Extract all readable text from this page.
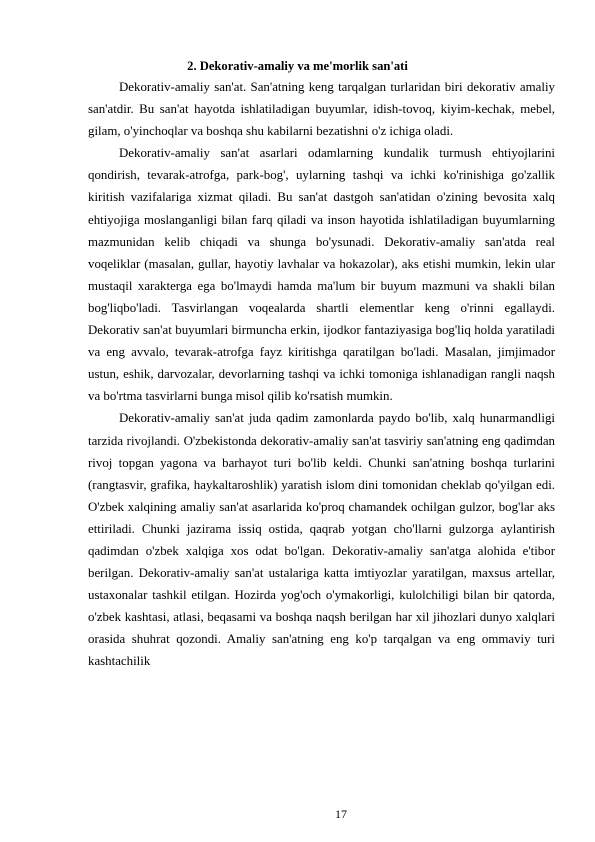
2. Dekorativ-amaliy va me'morlik san'ati

Dekorativ-amaliy san'at. San'atning keng tarqalgan turlaridan biri dekorativ amaliy san'atdir. Bu san'at hayotda ishlatiladigan buyumlar, idish-tovoq, kiyim-kechak, mebel, gilam, o'yinchoqlar va boshqa shu kabilarni bezatishni o'z ichiga oladi.

Dekorativ-amaliy san'at asarlari odamlarning kundalik turmush ehtiyojlarini qondirish, tevarak-atrofga, park-bog', uylarning tashqi va ichki ko'rinishiga go'zallik kiritish vazifalariga xizmat qiladi. Bu san'at dastgoh san'atidan o'zining bevosita xalq ehtiyojiga moslanganligi bilan farq qiladi va inson hayotida ishlatiladigan buyumlarning mazmunidan kelib chiqadi va shunga bo'ysunadi. Dekorativ-amaliy san'atda real voqeliklar (masalan, gullar, hayotiy lavhalar va hokazolar), aks etishi mumkin, lekin ular mustaqil xarakterga ega bo'lmaydi hamda ma'lum bir buyum mazmuni va shakli bilan bog'liqbo'ladi. Tasvirlangan voqealarda shartli elementlar keng o'rinni egallaydi. Dekorativ san'at buyumlari birmuncha erkin, ijodkor fantaziyasiga bog'liq holda yaratiladi va eng avvalo, tevarak-atrofga fayz kiritishga qaratilgan bo'ladi. Masalan, jimjimador ustun, eshik, darvozalar, devorlarning tashqi va ichki tomoniga ishlanadigan rangli naqsh va bo'rtma tasvirlarni bunga misol qilib ko'rsatish mumkin.

Dekorativ-amaliy san'at juda qadim zamonlarda paydo bo'lib, xalq hunarmandligi tarzida rivojlandi. O'zbekistonda dekorativ-amaliy san'at tasviriy san'atning eng qadimdan rivoj topgan yagona va barhayot turi bo'lib keldi. Chunki san'atning boshqa turlarini (rangtasvir, grafika, haykaltaroshlik) yaratish islom dini tomonidan cheklab qo'yilgan edi. O'zbek xalqining amaliy san'at asarlarida ko'proq chamandek ochilgan gulzor, bog'lar aks ettiriladi. Chunki jazirama issiq ostida, qaqrab yotgan cho'llarni gulzorga aylantirish qadimdan o'zbek xalqiga xos odat bo'lgan. Dekorativ-amaliy san'atga alohida e'tibor berilgan. Dekorativ-amaliy san'at ustalariga katta imtiyozlar yaratilgan, maxsus artellar, ustaxonalar tashkil etilgan. Hozirda yog'och o'ymakorligi, kulolchiligi bilan bir qatorda, o'zbek kashtasi, atlasi, beqasami va boshqa naqsh berilgan har xil jihozlari dunyo xalqlari orasida shuhrat qozondi. Amaliy san'atning eng ko'p tarqalgan va eng ommaviy turi kashtachilik

17
